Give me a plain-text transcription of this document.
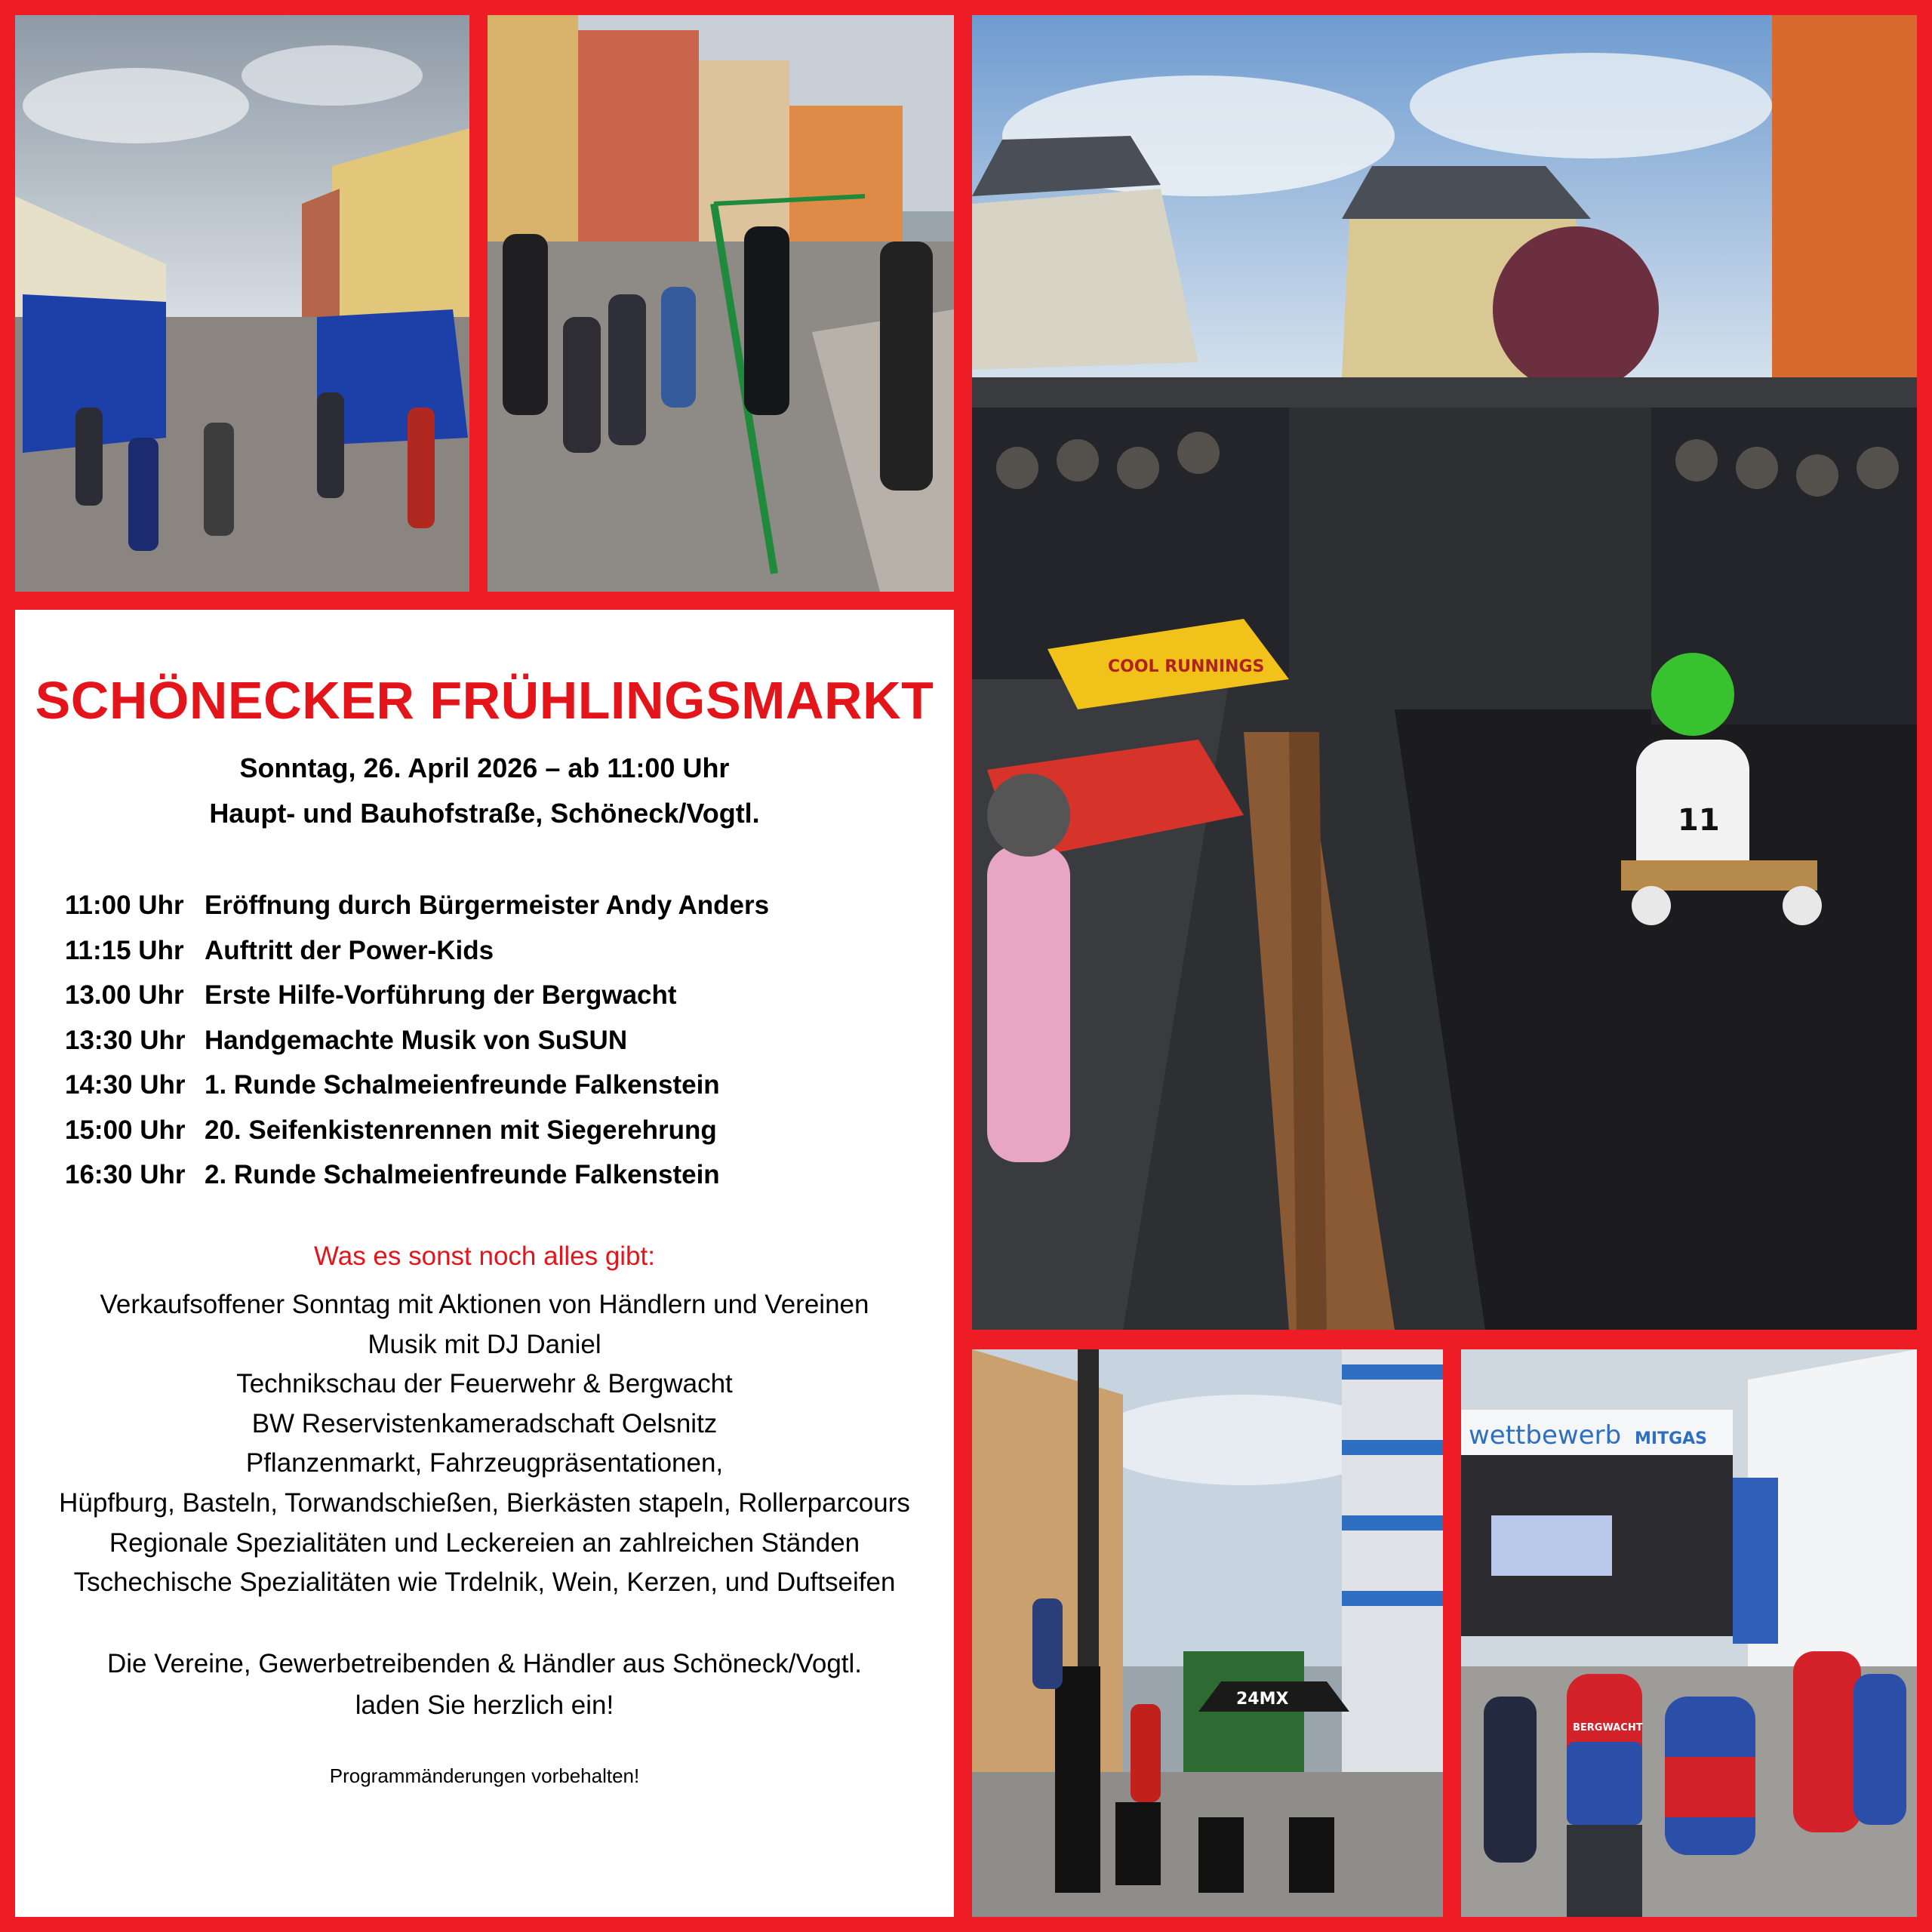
COOL RUNNINGS
11
SCHÖNECKER FRÜHLINGSMARKT
Sonntag, 26. April 2026 – ab 11:00 Uhr
Haupt- und Bauhofstraße, Schöneck/Vogtl.
11:00 Uhr Eröffnung durch Bürgermeister Andy Anders
11:15 Uhr Auftritt der Power-Kids
13.00 Uhr Erste Hilfe-Vorführung der Bergwacht
13:30 Uhr Handgemachte Musik von SuSUN
14:30 Uhr 1. Runde Schalmeienfreunde Falkenstein
15:00 Uhr 20. Seifenkistenrennen mit Siegerehrung
16:30 Uhr 2. Runde Schalmeienfreunde Falkenstein
Was es sonst noch alles gibt:
Verkaufsoffener Sonntag mit Aktionen von Händlern und Vereinen
Musik mit DJ Daniel
Technikschau der Feuerwehr & Bergwacht
BW Reservistenkameradschaft Oelsnitz
Pflanzenmarkt, Fahrzeugpräsentationen,
Hüpfburg, Basteln, Torwandschießen, Bierkästen stapeln, Rollerparcours
Regionale Spezialitäten und Leckereien an zahlreichen Ständen
Tschechische Spezialitäten wie Trdelnik, Wein, Kerzen, und Duftseifen
Die Vereine, Gewerbetreibenden & Händler aus Schöneck/Vogtl.
laden Sie herzlich ein!
Programmänderungen vorbehalten!
24MX
wettbewerb MITGAS
BERGWACHT
